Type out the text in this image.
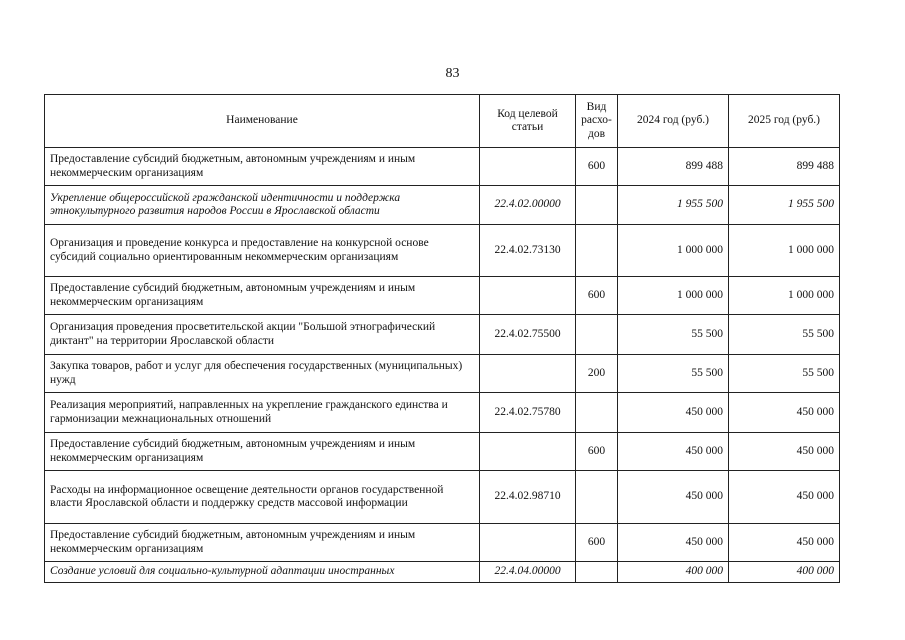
83
Наименование	Код целевой статьи	Вид расхо-дов	2024 год (руб.)	2025 год (руб.)
Предоставление субсидий бюджетным, автономным учреждениям и иным некоммерческим организациям		600	899 488	899 488
Укрепление общероссийской гражданской идентичности и поддержка этнокультурного развития народов России в Ярославской области	22.4.02.00000		1 955 500	1 955 500
Организация и проведение конкурса и предоставление на конкурсной основе субсидий социально ориентированным некоммерческим организациям	22.4.02.73130		1 000 000	1 000 000
Предоставление субсидий бюджетным, автономным учреждениям и иным некоммерческим организациям		600	1 000 000	1 000 000
Организация проведения просветительской акции "Большой этнографический диктант" на территории Ярославской области	22.4.02.75500		55 500	55 500
Закупка товаров, работ и услуг для обеспечения государственных (муниципальных) нужд		200	55 500	55 500
Реализация мероприятий, направленных на укрепление гражданского единства и гармонизации межнациональных отношений	22.4.02.75780		450 000	450 000
Предоставление субсидий бюджетным, автономным учреждениям и иным некоммерческим организациям		600	450 000	450 000
Расходы на информационное освещение деятельности органов государственной власти Ярославской области и поддержку средств массовой информации	22.4.02.98710		450 000	450 000
Предоставление субсидий бюджетным, автономным учреждениям и иным некоммерческим организациям		600	450 000	450 000
Создание условий для социально-культурной адаптации иностранных	22.4.04.00000		400 000	400 000
